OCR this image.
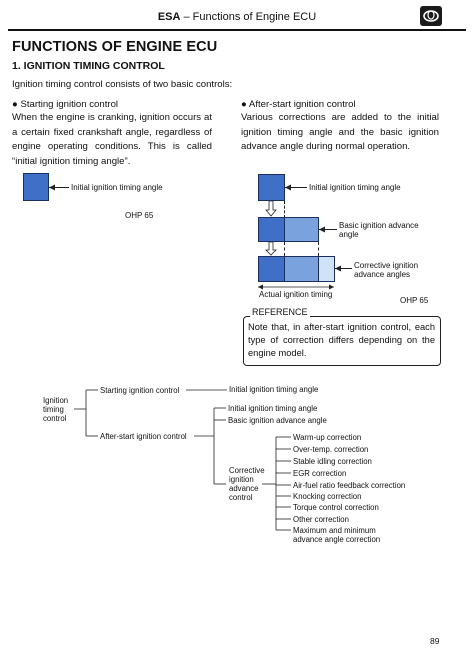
ESA – Functions of Engine ECU
FUNCTIONS OF ENGINE ECU
1. IGNITION TIMING CONTROL
Ignition timing control consists of two basic controls:
● Starting ignition control
When the engine is cranking, ignition occurs at a certain fixed crankshaft angle, regardless of engine operating conditions. This is called “initial ignition timing angle”.
● After-start ignition control
Various corrections are added to the initial ignition timing angle and the basic ignition advance angle during normal operation.
Initial ignition timing angle
OHP 65
Initial ignition timing angle
Basic ignition advance
angle
Corrective ignition
advance angles
Actual ignition timing
OHP 65
REFERENCE
Note that, in after-start ignition control, each type of correction differs depending on the engine model.
Ignition
timing
control
Starting ignition control	Initial ignition timing angle
After-start ignition control
Initial ignition timing angle
Basic ignition advance angle
Corrective
ignition
advance
control
Warm-up correction
Over-temp. correction
Stable idling correction
EGR correction
Air-fuel ratio feedback correction
Knocking correction
Torque control correction
Other correction
Maximum and minimum
advance angle correction
89
